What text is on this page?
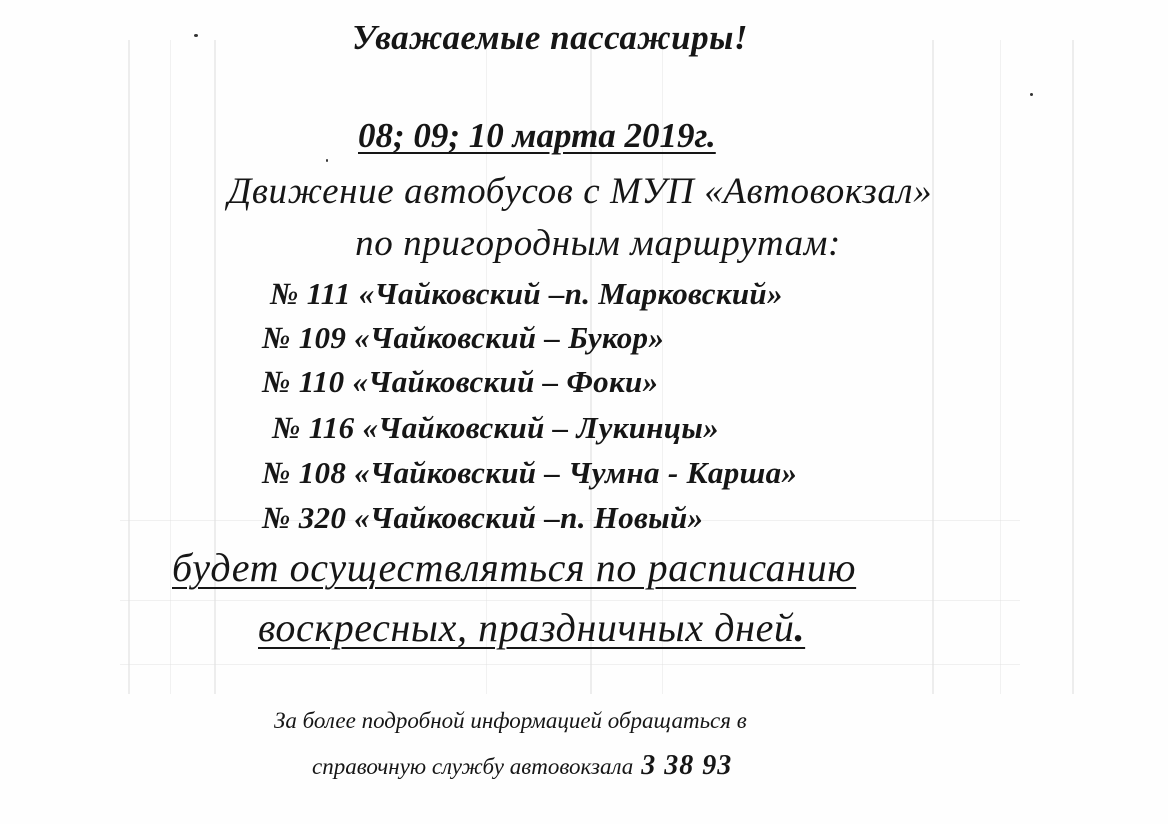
Уважаемые пассажиры!
08; 09; 10 марта 2019г.
Движение автобусов с МУП «Автовокзал»
по пригородным маршрутам:
№ 111 «Чайковский –п. Марковский»
№ 109 «Чайковский – Букор»
№ 110 «Чайковский – Фоки»
№ 116 «Чайковский – Лукинцы»
№ 108 «Чайковский – Чумна - Карша»
№ 320 «Чайковский –п. Новый»
будет осуществляться по расписанию
воскресных, праздничных дней.
За более подробной информацией обращаться в
справочную службу автовокзала 3 38 93
